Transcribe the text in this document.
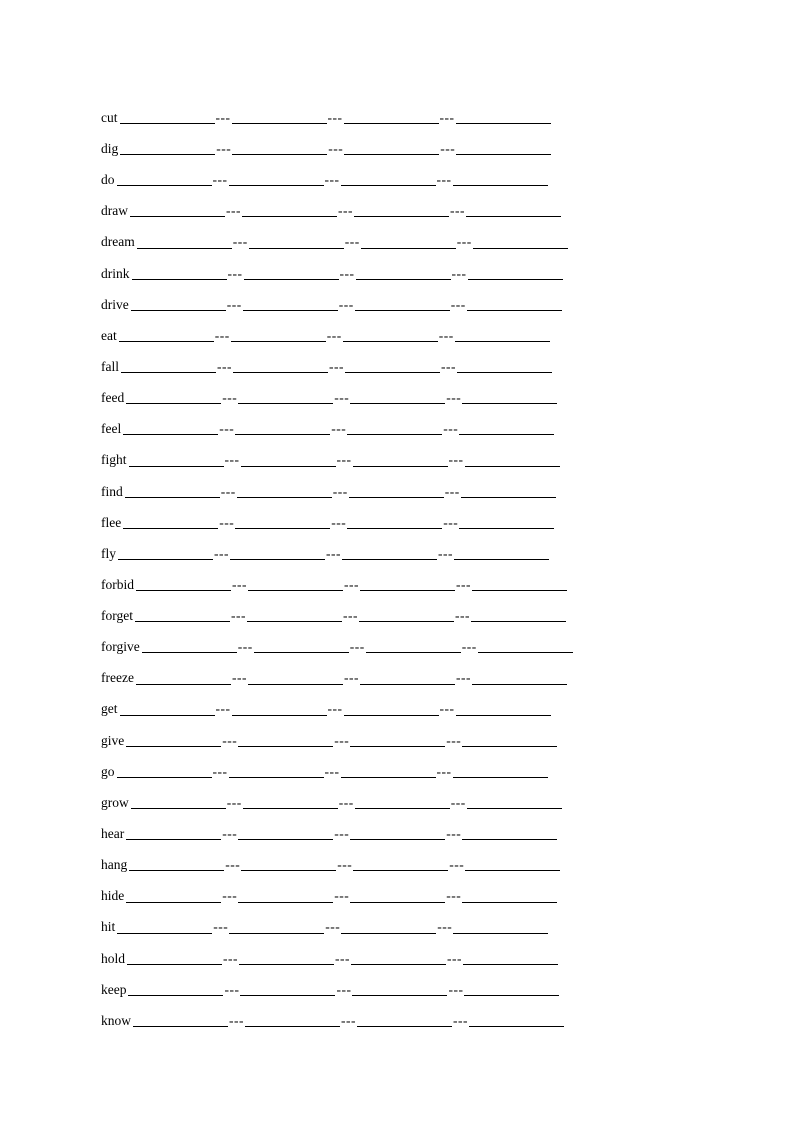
cut	---	---	---
dig	---	---	---
do	---	---	---
draw	---	---	---
dream	---	---	---
drink	---	---	---
drive	---	---	---
eat	---	---	---
fall	---	---	---
feed	---	---	---
feel	---	---	---
fight	---	---	---
find	---	---	---
flee	---	---	---
fly	---	---	---
forbid	---	---	---
forget	---	---	---
forgive	---	---	---
freeze	---	---	---
get	---	---	---
give	---	---	---
go	---	---	---
grow	---	---	---
hear	---	---	---
hang	---	---	---
hide	---	---	---
hit	---	---	---
hold	---	---	---
keep	---	---	---
know	---	---	---
